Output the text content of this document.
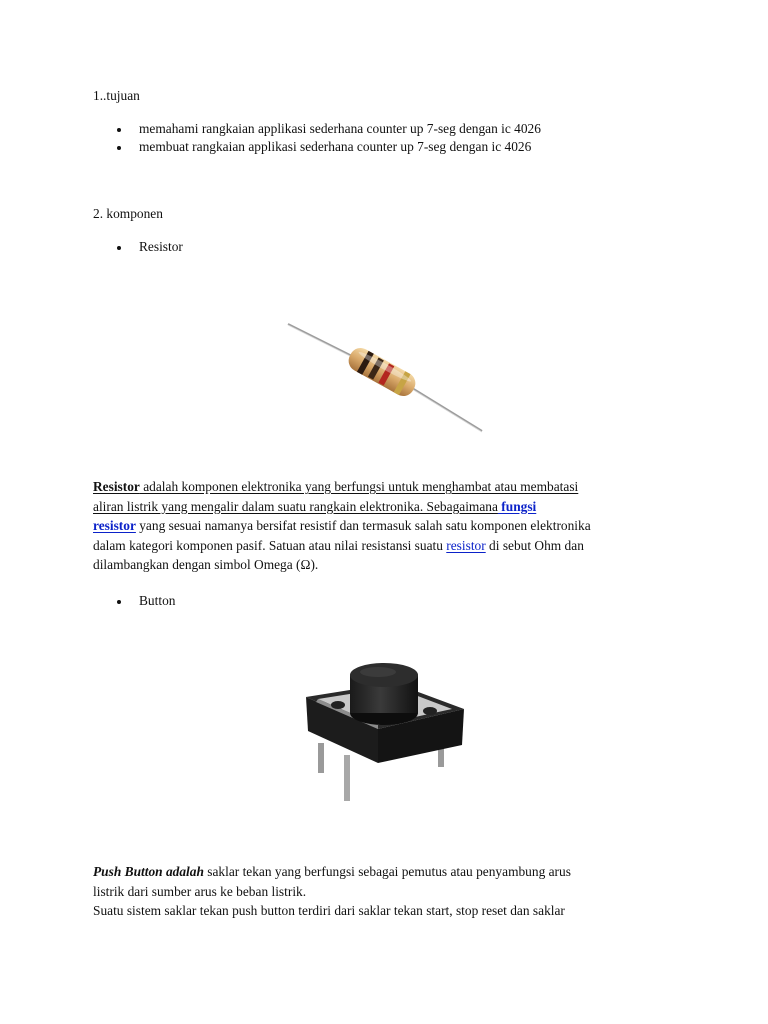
1..tujuan
memahami rangkaian applikasi sederhana counter up 7-seg dengan ic 4026
membuat rangkaian applikasi sederhana counter up 7-seg dengan ic 4026
2. komponen
Resistor
Resistor adalah komponen elektronika yang berfungsi untuk menghambat atau membatasi
aliran listrik yang mengalir dalam suatu rangkain elektronika. Sebagaimana fungsi
resistor yang sesuai namanya bersifat resistif dan termasuk salah satu komponen elektronika
dalam kategori komponen pasif. Satuan atau nilai resistansi suatu resistor di sebut Ohm dan
dilambangkan dengan simbol Omega (Ω).
Button
Push Button adalah saklar tekan yang berfungsi sebagai pemutus atau penyambung arus
listrik dari sumber arus ke beban listrik.
Suatu sistem saklar tekan push button terdiri dari saklar tekan start, stop reset dan saklar
